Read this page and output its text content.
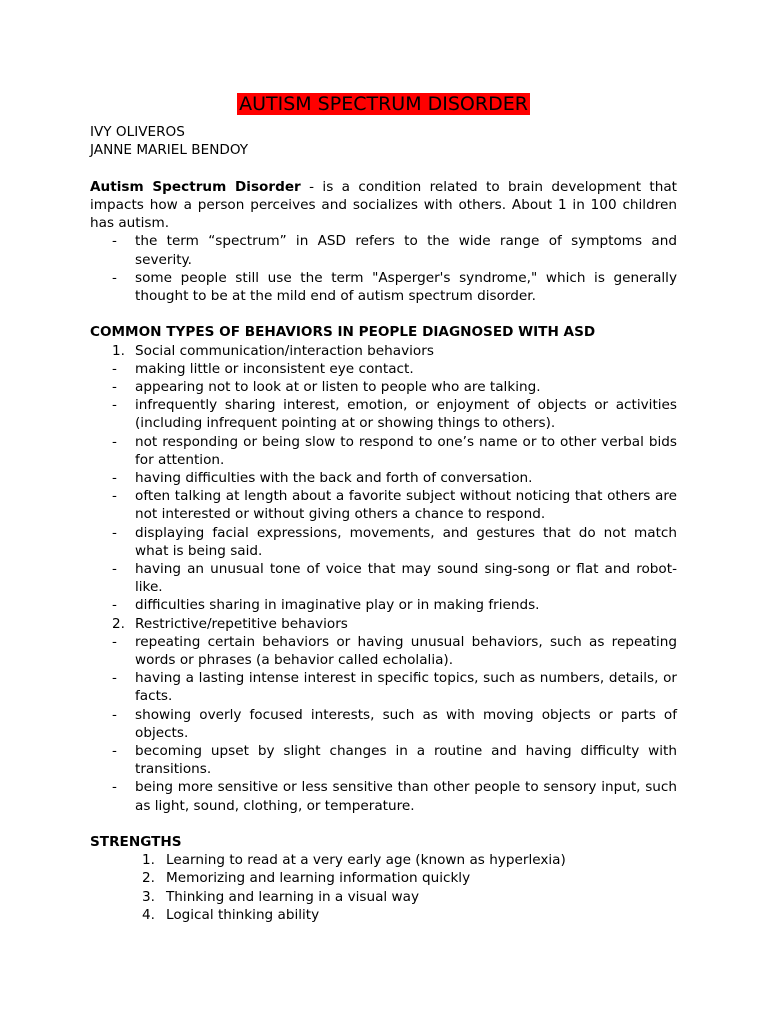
AUTISM SPECTRUM DISORDER

IVY OLIVEROS

JANNE MARIEL BENDOY

Autism Spectrum Disorder - is a condition related to brain development that impacts how a person perceives and socializes with others. About 1 in 100 children has autism.

- the term “spectrum” in ASD refers to the wide range of symptoms and severity.

- some people still use the term "Asperger's syndrome," which is generally thought to be at the mild end of autism spectrum disorder.

COMMON TYPES OF BEHAVIORS IN PEOPLE DIAGNOSED WITH ASD

1. Social communication/interaction behaviors

- making little or inconsistent eye contact.

- appearing not to look at or listen to people who are talking.

- infrequently sharing interest, emotion, or enjoyment of objects or activities (including infrequent pointing at or showing things to others).

- not responding or being slow to respond to one’s name or to other verbal bids for attention.

- having difficulties with the back and forth of conversation.

- often talking at length about a favorite subject without noticing that others are not interested or without giving others a chance to respond.

- displaying facial expressions, movements, and gestures that do not match what is being said.

- having an unusual tone of voice that may sound sing-song or flat and robot-like.

- difficulties sharing in imaginative play or in making friends.

2. Restrictive/repetitive behaviors

- repeating certain behaviors or having unusual behaviors, such as repeating words or phrases (a behavior called echolalia).

- having a lasting intense interest in specific topics, such as numbers, details, or facts.

- showing overly focused interests, such as with moving objects or parts of objects.

- becoming upset by slight changes in a routine and having difficulty with transitions.

- being more sensitive or less sensitive than other people to sensory input, such as light, sound, clothing, or temperature.

STRENGTHS

1. Learning to read at a very early age (known as hyperlexia)

2. Memorizing and learning information quickly

3. Thinking and learning in a visual way

4. Logical thinking ability
